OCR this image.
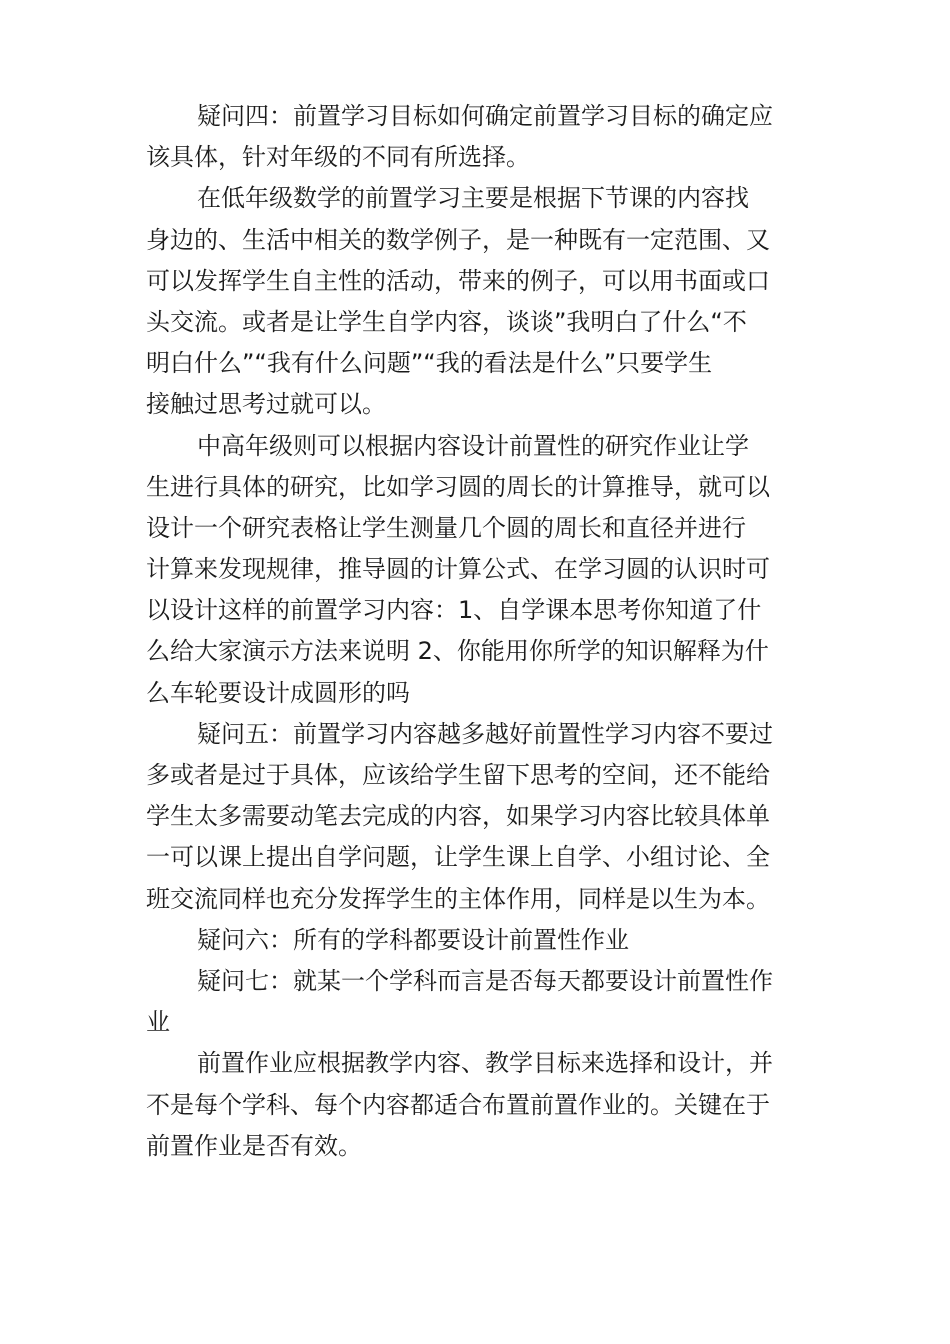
疑问四：前置学习目标如何确定前置学习目标的确定应
该具体，针对年级的不同有所选择。
在低年级数学的前置学习主要是根据下节课的内容找
身边的、生活中相关的数学例子，是一种既有一定范围、又
可以发挥学生自主性的活动，带来的例子，可以用书面或口
头交流。或者是让学生自学内容，谈谈”我明白了什么“不
明白什么”“我有什么问题”“我的看法是什么”只要学生
接触过思考过就可以。
中高年级则可以根据内容设计前置性的研究作业让学
生进行具体的研究，比如学习圆的周长的计算推导，就可以
设计一个研究表格让学生测量几个圆的周长和直径并进行
计算来发现规律，推导圆的计算公式、在学习圆的认识时可
以设计这样的前置学习内容：1、自学课本思考你知道了什
么给大家演示方法来说明 2、你能用你所学的知识解释为什
么车轮要设计成圆形的吗
疑问五：前置学习内容越多越好前置性学习内容不要过
多或者是过于具体，应该给学生留下思考的空间，还不能给
学生太多需要动笔去完成的内容，如果学习内容比较具体单
一可以课上提出自学问题，让学生课上自学、小组讨论、全
班交流同样也充分发挥学生的主体作用，同样是以生为本。
疑问六：所有的学科都要设计前置性作业
疑问七：就某一个学科而言是否每天都要设计前置性作
业
前置作业应根据教学内容、教学目标来选择和设计，并
不是每个学科、每个内容都适合布置前置作业的。关键在于
前置作业是否有效。
